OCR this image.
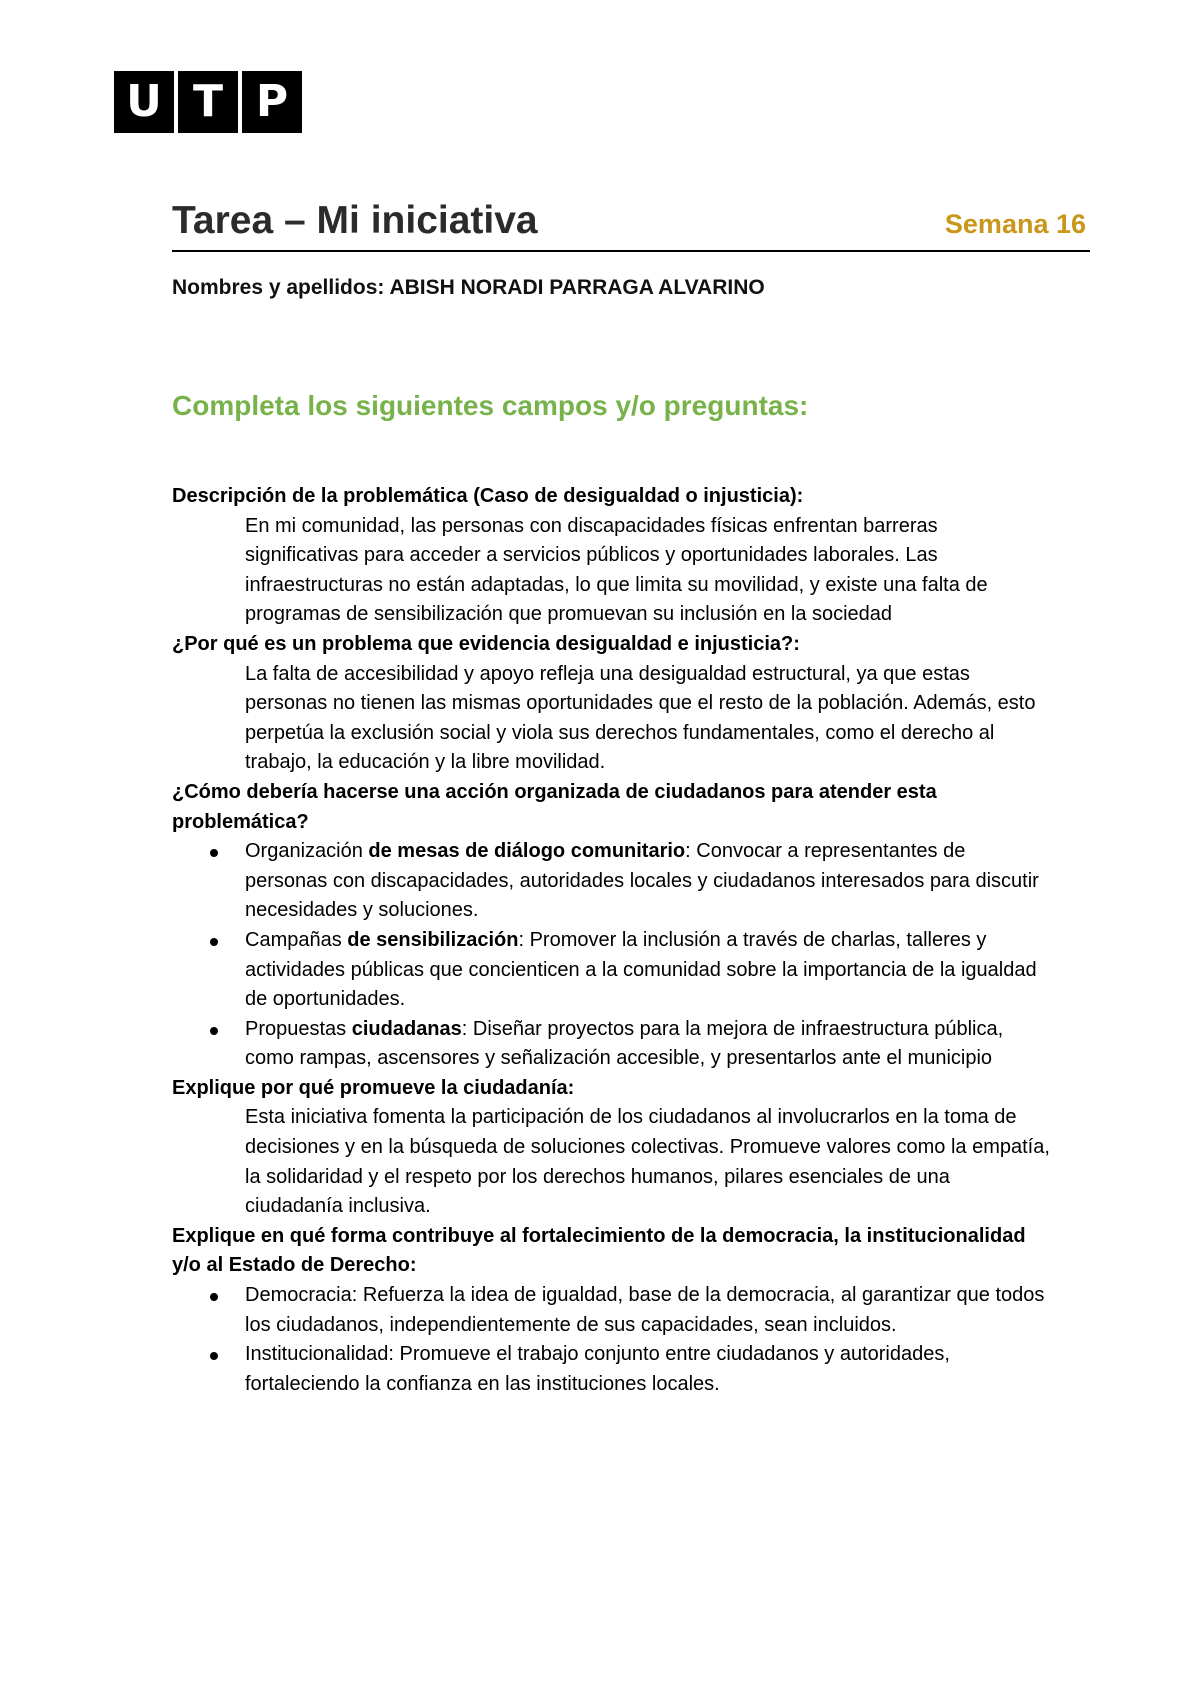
U T P
Tarea – Mi iniciativa	Semana 16
Nombres y apellidos: ABISH NORADI PARRAGA ALVARINO
Completa los siguientes campos y/o preguntas:

Descripción de la problemática (Caso de desigualdad o injusticia):

En mi comunidad, las personas con discapacidades físicas enfrentan barreras significativas para acceder a servicios públicos y oportunidades laborales. Las infraestructuras no están adaptadas, lo que limita su movilidad, y existe una falta de programas de sensibilización que promuevan su inclusión en la sociedad

¿Por qué es un problema que evidencia desigualdad e injusticia?:

La falta de accesibilidad y apoyo refleja una desigualdad estructural, ya que estas personas no tienen las mismas oportunidades que el resto de la población. Además, esto perpetúa la exclusión social y viola sus derechos fundamentales, como el derecho al trabajo, la educación y la libre movilidad.

¿Cómo debería hacerse una acción organizada de ciudadanos para atender esta problemática?

Organización de mesas de diálogo comunitario: Convocar a representantes de personas con discapacidades, autoridades locales y ciudadanos interesados para discutir necesidades y soluciones.
Campañas de sensibilización: Promover la inclusión a través de charlas, talleres y actividades públicas que concienticen a la comunidad sobre la importancia de la igualdad de oportunidades.
Propuestas ciudadanas: Diseñar proyectos para la mejora de infraestructura pública, como rampas, ascensores y señalización accesible, y presentarlos ante el municipio

Explique por qué promueve la ciudadanía:

Esta iniciativa fomenta la participación de los ciudadanos al involucrarlos en la toma de decisiones y en la búsqueda de soluciones colectivas. Promueve valores como la empatía, la solidaridad y el respeto por los derechos humanos, pilares esenciales de una ciudadanía inclusiva.

Explique en qué forma contribuye al fortalecimiento de la democracia, la institucionalidad y/o al Estado de Derecho:

Democracia: Refuerza la idea de igualdad, base de la democracia, al garantizar que todos los ciudadanos, independientemente de sus capacidades, sean incluidos.
Institucionalidad: Promueve el trabajo conjunto entre ciudadanos y autoridades, fortaleciendo la confianza en las instituciones locales.
